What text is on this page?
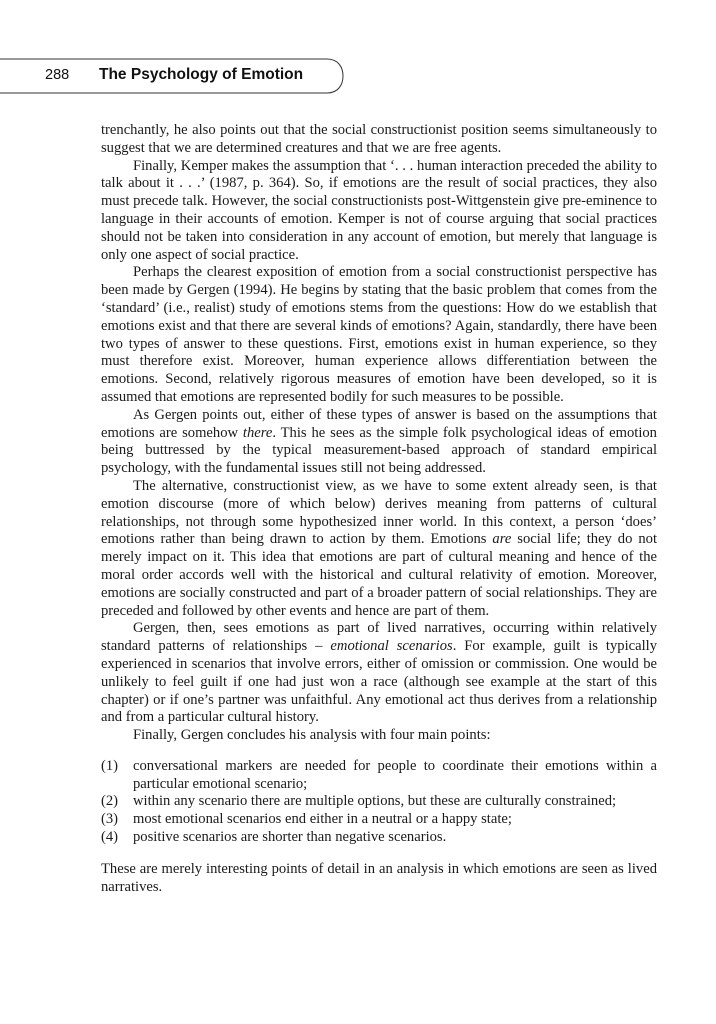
288 The Psychology of Emotion

trenchantly, he also points out that the social constructionist position seems simultaneously to suggest that we are determined creatures and that we are free agents.

Finally, Kemper makes the assumption that ‘. . . human interaction preceded the ability to talk about it . . .’ (1987, p. 364). So, if emotions are the result of social practices, they also must precede talk. However, the social constructionists post-Wittgenstein give pre-eminence to language in their accounts of emotion. Kemper is not of course arguing that social practices should not be taken into consideration in any account of emotion, but merely that language is only one aspect of social practice.

Perhaps the clearest exposition of emotion from a social constructionist perspective has been made by Gergen (1994). He begins by stating that the basic problem that comes from the ‘standard’ (i.e., realist) study of emotions stems from the questions: How do we establish that emotions exist and that there are several kinds of emotions? Again, standardly, there have been two types of answer to these questions. First, emotions exist in human experience, so they must therefore exist. Moreover, human experience allows differentiation between the emotions. Second, relatively rigorous measures of emotion have been developed, so it is assumed that emotions are represented bodily for such measures to be possible.

As Gergen points out, either of these types of answer is based on the assumptions that emotions are somehow there. This he sees as the simple folk psychological ideas of emotion being buttressed by the typical measurement-based approach of standard empirical psychology, with the fundamental issues still not being addressed.

The alternative, constructionist view, as we have to some extent already seen, is that emotion discourse (more of which below) derives meaning from patterns of cultural relationships, not through some hypothesized inner world. In this context, a person ‘does’ emotions rather than being drawn to action by them. Emotions are social life; they do not merely impact on it. This idea that emotions are part of cultural meaning and hence of the moral order accords well with the historical and cultural relativity of emotion. Moreover, emotions are socially constructed and part of a broader pattern of social relationships. They are preceded and followed by other events and hence are part of them.

Gergen, then, sees emotions as part of lived narratives, occurring within relatively standard patterns of relationships – emotional scenarios. For example, guilt is typically experienced in scenarios that involve errors, either of omission or commission. One would be unlikely to feel guilt if one had just won a race (although see example at the start of this chapter) or if one’s partner was unfaithful. Any emotional act thus derives from a relationship and from a particular cultural history.

Finally, Gergen concludes his analysis with four main points:

(1) conversational markers are needed for people to coordinate their emotions within a particular emotional scenario;
(2) within any scenario there are multiple options, but these are culturally constrained;
(3) most emotional scenarios end either in a neutral or a happy state;
(4) positive scenarios are shorter than negative scenarios.

These are merely interesting points of detail in an analysis in which emotions are seen as lived narratives.
